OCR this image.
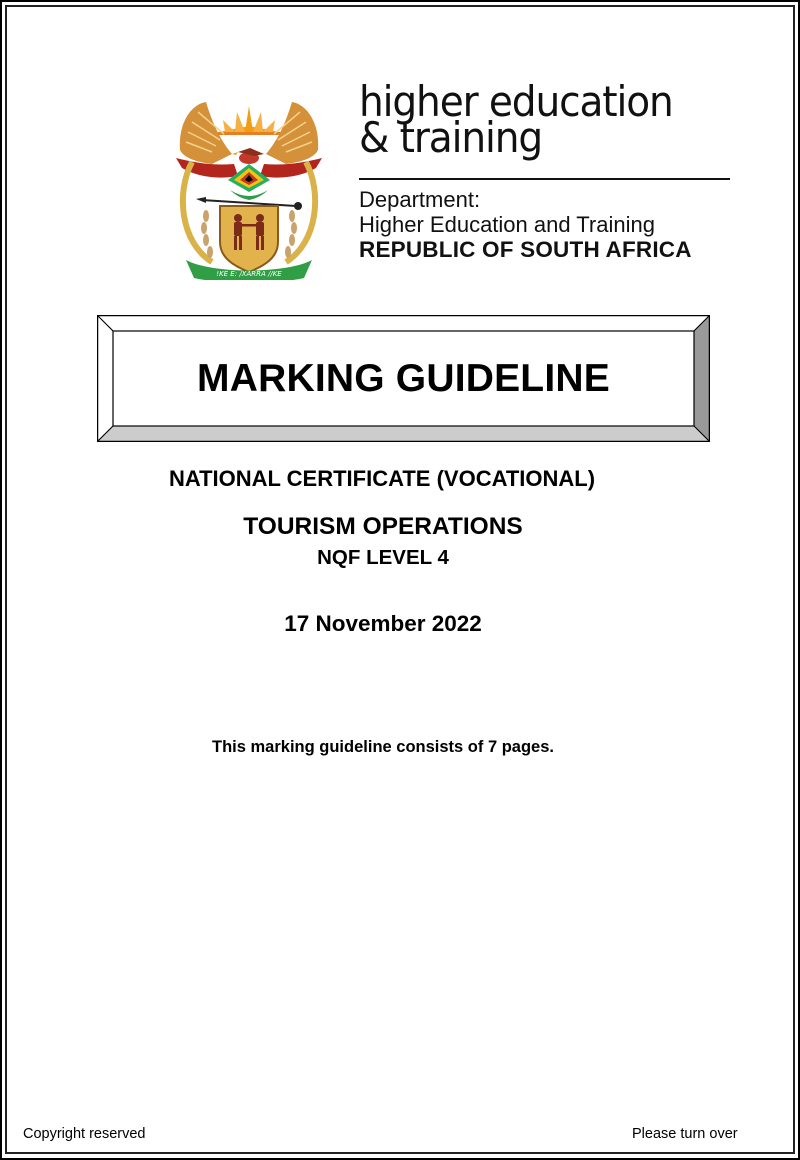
!KE E: /XARRA //KE
higher education
& training
Department:
Higher Education and Training
REPUBLIC OF SOUTH AFRICA
MARKING GUIDELINE
NATIONAL CERTIFICATE (VOCATIONAL)
TOURISM OPERATIONS
NQF LEVEL 4
17 November 2022
This marking guideline consists of 7 pages.
Copyright reserved	Please turn over
